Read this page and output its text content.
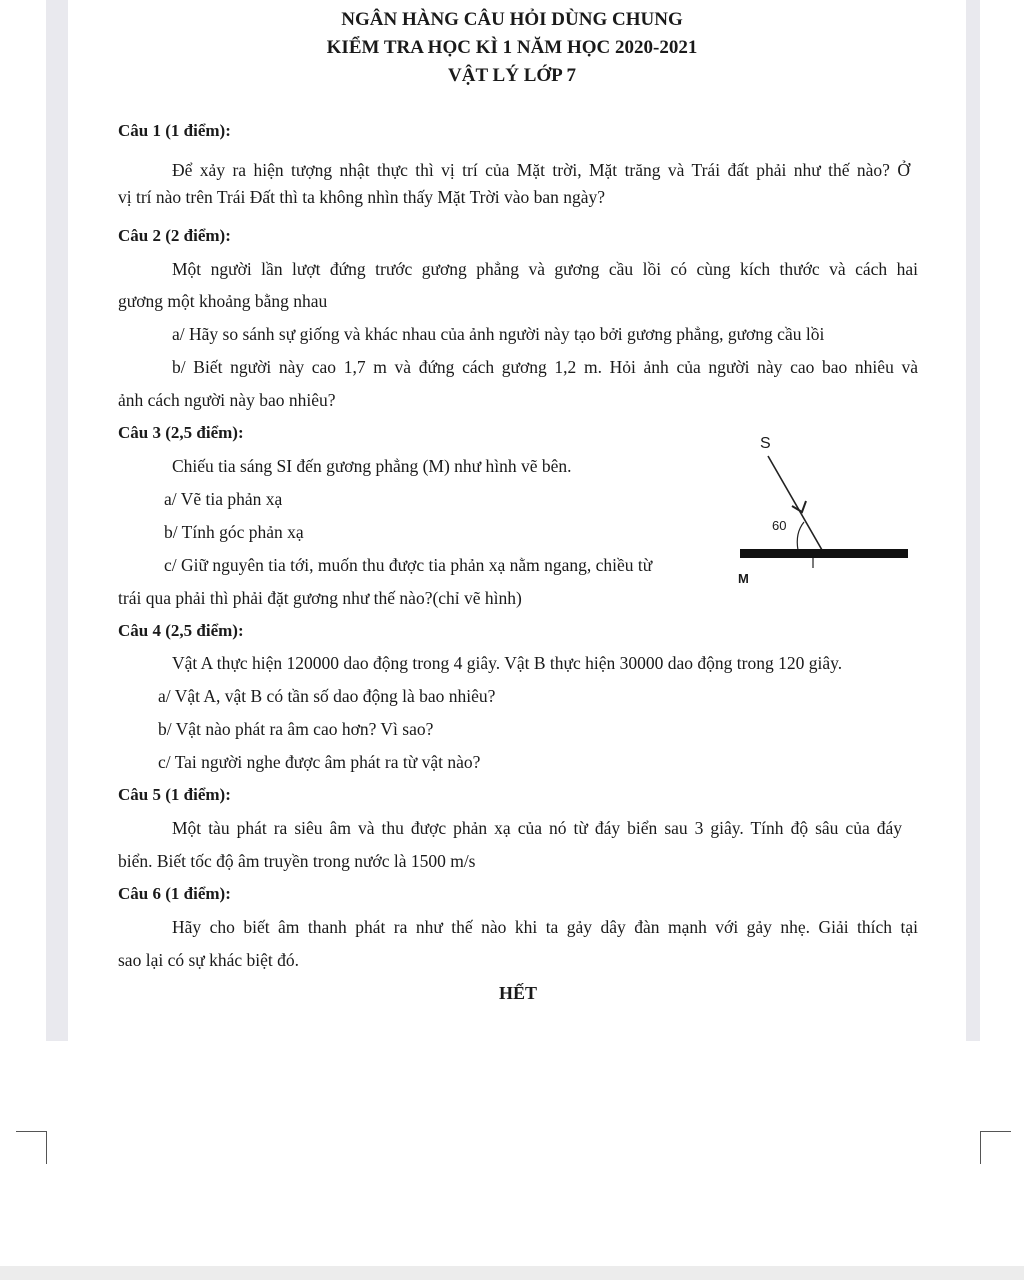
NGÂN HÀNG CÂU HỎI DÙNG CHUNG
KIỂM TRA HỌC KÌ 1 NĂM HỌC 2020-2021
VẬT LÝ LỚP 7
Câu 1 (1 điểm):
Để xảy ra hiện tượng nhật thực thì vị trí của Mặt trời, Mặt trăng và Trái đất phải như thế nào? Ở
vị trí nào trên Trái Đất thì ta không nhìn thấy Mặt Trời vào ban ngày?
Câu 2 (2 điểm):
Một người lần lượt đứng trước gương phẳng và gương cầu lồi có cùng kích thước và cách hai
gương một khoảng bằng nhau
a/ Hãy so sánh sự giống và khác nhau của ảnh người này tạo bởi gương phẳng, gương cầu lồi
b/ Biết người này cao 1,7 m và đứng cách gương 1,2 m. Hỏi ảnh của người này cao bao nhiêu và
ảnh cách người này bao nhiêu?
Câu 3 (2,5 điểm):
Chiếu tia sáng SI đến gương phẳng (M) như hình vẽ bên.
a/ Vẽ tia phản xạ
b/ Tính góc phản xạ
c/ Giữ nguyên tia tới, muốn thu được tia phản xạ nằm ngang, chiều từ
trái qua phải thì phải đặt gương như thế nào?(chỉ vẽ hình)
S
60
M
Câu 4 (2,5 điểm):
Vật A thực hiện 120000 dao động trong 4 giây. Vật B thực hiện 30000 dao động trong 120 giây.
a/ Vật A, vật B có tần số dao động là bao nhiêu?
b/ Vật nào phát ra âm cao hơn? Vì sao?
c/ Tai người nghe được âm phát ra từ vật nào?
Câu 5 (1 điểm):
Một tàu phát ra siêu âm và thu được phản xạ của nó từ đáy biển sau 3 giây. Tính độ sâu của đáy
biển. Biết tốc độ âm truyền trong nước là 1500 m/s
Câu 6 (1 điểm):
Hãy cho biết âm thanh phát ra như thế nào khi ta gảy dây đàn mạnh với gảy nhẹ. Giải thích tại
sao lại có sự khác biệt đó.
HẾT
